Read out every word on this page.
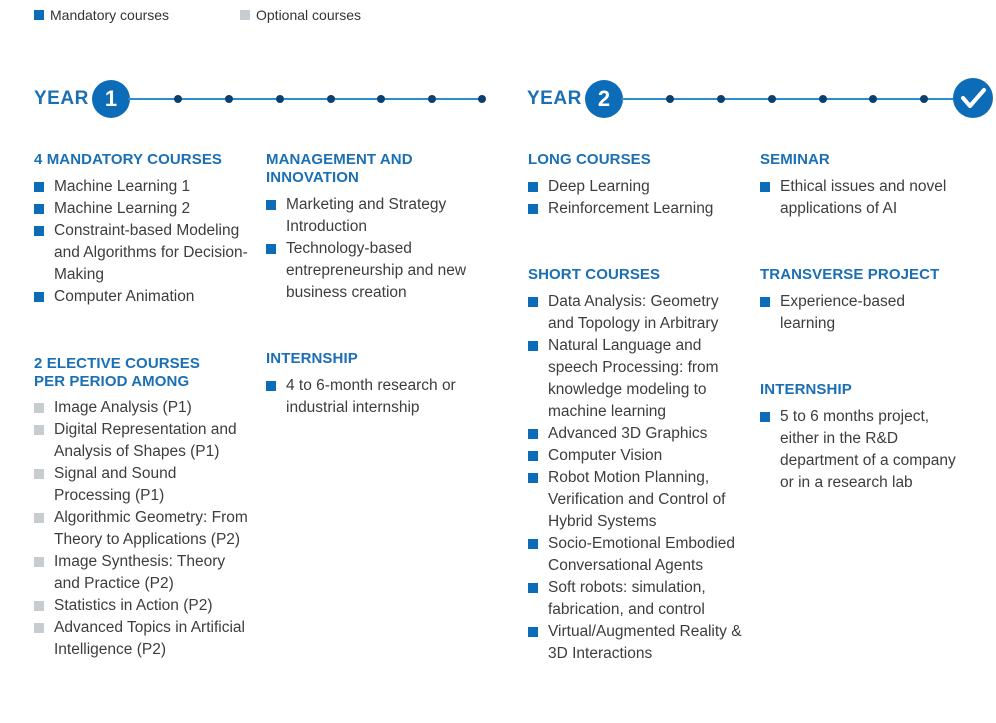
Mandatory courses	Optional courses
YEAR 1	YEAR 2
4 MANDATORY COURSES
Machine Learning 1
Machine Learning 2
Constraint-based Modeling and Algorithms for Decision-Making
Computer Animation
2 ELECTIVE COURSES PER PERIOD AMONG
Image Analysis (P1)
Digital Representation and Analysis of Shapes (P1)
Signal and Sound Processing (P1)
Algorithmic Geometry: From Theory to Applications (P2)
Image Synthesis: Theory and Practice (P2)
Statistics in Action (P2)
Advanced Topics in Artificial Intelligence (P2)
MANAGEMENT AND INNOVATION
Marketing and Strategy Introduction
Technology-based entrepreneurship and new business creation
INTERNSHIP
4 to 6-month research or industrial internship
LONG COURSES
Deep Learning
Reinforcement Learning
SHORT COURSES
Data Analysis: Geometry and Topology in Arbitrary
Natural Language and speech Processing: from knowledge modeling to machine learning
Advanced 3D Graphics
Computer Vision
Robot Motion Planning, Verification and Control of Hybrid Systems
Socio-Emotional Embodied Conversational Agents
Soft robots: simulation, fabrication, and control
Virtual/Augmented Reality & 3D Interactions
SEMINAR
Ethical issues and novel applications of AI
TRANSVERSE PROJECT
Experience-based learning
INTERNSHIP
5 to 6 months project, either in the R&D department of a company or in a research lab
